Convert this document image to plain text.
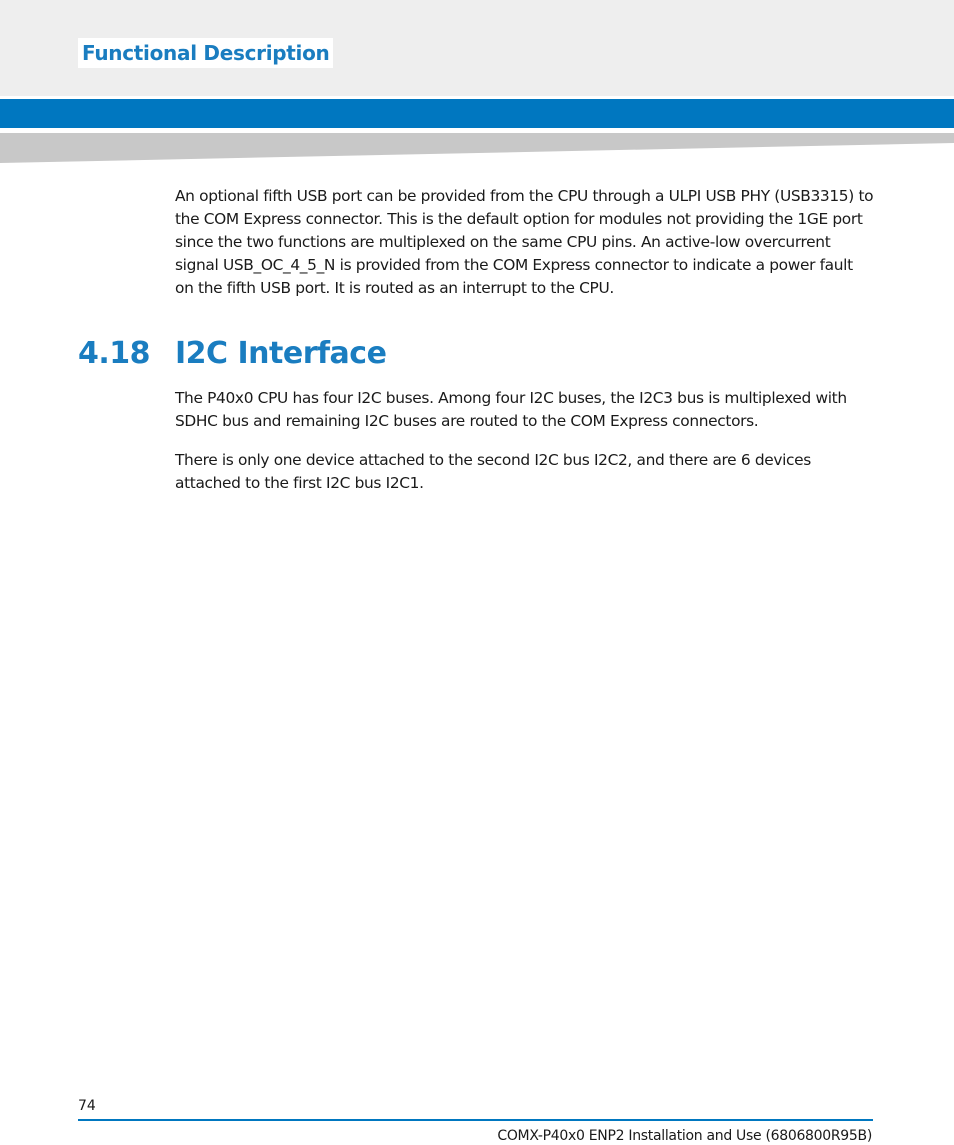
Functional Description

An optional fifth USB port can be provided from the CPU through a ULPI USB PHY (USB3315) to the COM Express connector. This is the default option for modules not providing the 1GE port since the two functions are multiplexed on the same CPU pins. An active-low overcurrent signal USB_OC_4_5_N is provided from the COM Express connector to indicate a power fault on the fifth USB port. It is routed as an interrupt to the CPU.

4.18 I2C Interface

The P40x0 CPU has four I2C buses. Among four I2C buses, the I2C3 bus is multiplexed with SDHC bus and remaining I2C buses are routed to the COM Express connectors.

There is only one device attached to the second I2C bus I2C2, and there are 6 devices attached to the first I2C bus I2C1.

74
COMX-P40x0 ENP2 Installation and Use (6806800R95B)
